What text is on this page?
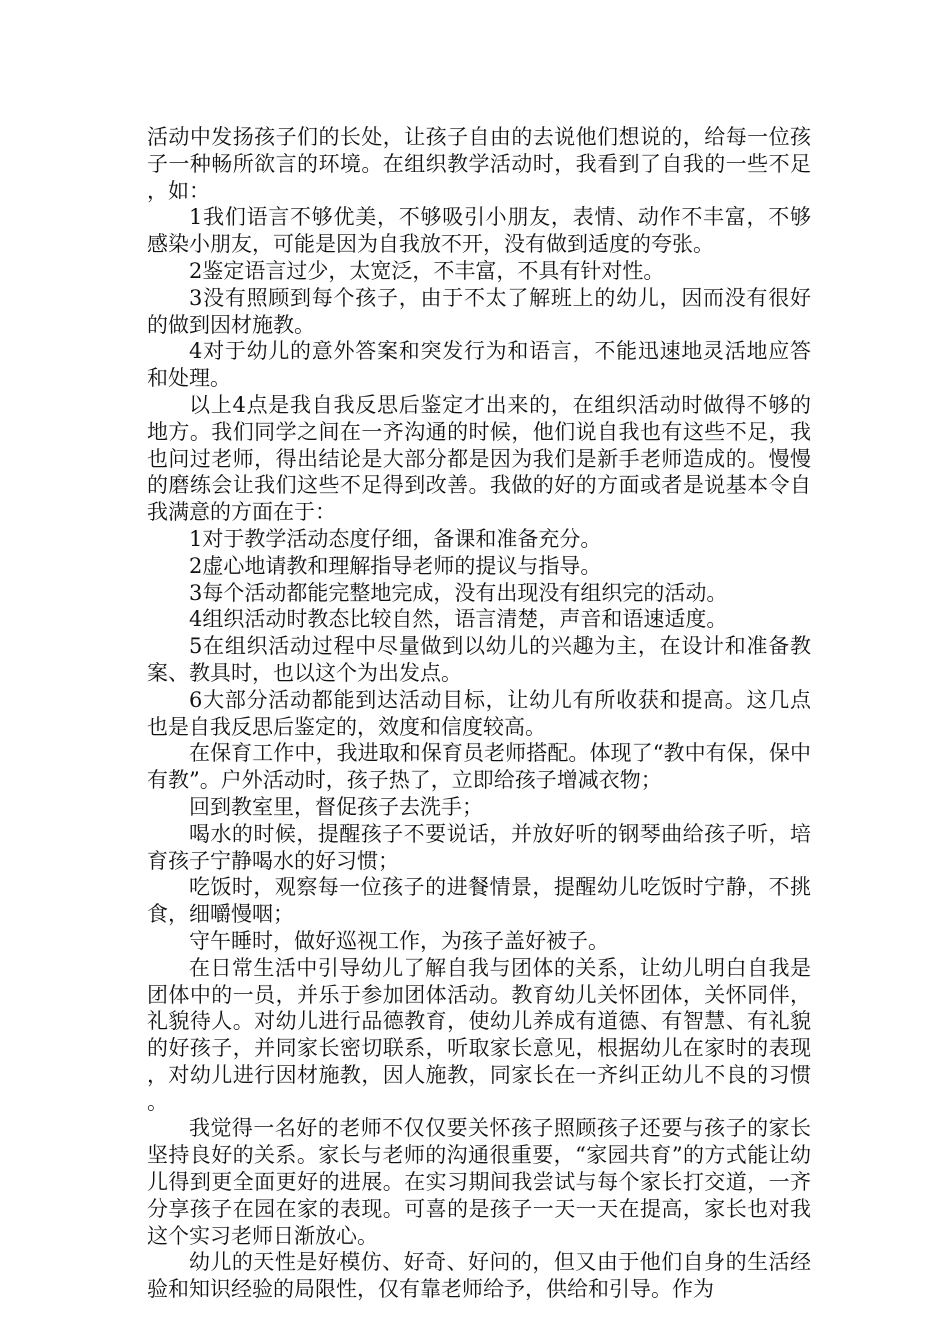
活动中发扬孩子们的长处，让孩子自由的去说他们想说的，给每一位孩子一种畅所欲言的环境。在组织教学活动时，我看到了自我的一些不足，如：

1我们语言不够优美，不够吸引小朋友，表情、动作不丰富，不够感染小朋友，可能是因为自我放不开，没有做到适度的夸张。

2鉴定语言过少，太宽泛，不丰富，不具有针对性。

3没有照顾到每个孩子，由于不太了解班上的幼儿，因而没有很好的做到因材施教。

4对于幼儿的意外答案和突发行为和语言，不能迅速地灵活地应答和处理。

以上4点是我自我反思后鉴定才出来的，在组织活动时做得不够的地方。我们同学之间在一齐沟通的时候，他们说自我也有这些不足，我也问过老师，得出结论是大部分都是因为我们是新手老师造成的。慢慢的磨练会让我们这些不足得到改善。我做的好的方面或者是说基本令自我满意的方面在于：

1对于教学活动态度仔细，备课和准备充分。

2虚心地请教和理解指导老师的提议与指导。

3每个活动都能完整地完成，没有出现没有组织完的活动。

4组织活动时教态比较自然，语言清楚，声音和语速适度。

5在组织活动过程中尽量做到以幼儿的兴趣为主，在设计和准备教案、教具时，也以这个为出发点。

6大部分活动都能到达活动目标，让幼儿有所收获和提高。这几点也是自我反思后鉴定的，效度和信度较高。

在保育工作中，我进取和保育员老师搭配。体现了“教中有保，保中有教”。户外活动时，孩子热了，立即给孩子增减衣物；

回到教室里，督促孩子去洗手；

喝水的时候，提醒孩子不要说话，并放好听的钢琴曲给孩子听，培育孩子宁静喝水的好习惯；

吃饭时，观察每一位孩子的进餐情景，提醒幼儿吃饭时宁静，不挑食，细嚼慢咽；

守午睡时，做好巡视工作，为孩子盖好被子。

在日常生活中引导幼儿了解自我与团体的关系，让幼儿明白自我是团体中的一员，并乐于参加团体活动。教育幼儿关怀团体，关怀同伴，礼貌待人。对幼儿进行品德教育，使幼儿养成有道德、有智慧、有礼貌的好孩子，并同家长密切联系，听取家长意见，根据幼儿在家时的表现，对幼儿进行因材施教，因人施教，同家长在一齐纠正幼儿不良的习惯。

我觉得一名好的老师不仅仅要关怀孩子照顾孩子还要与孩子的家长坚持良好的关系。家长与老师的沟通很重要，“家园共育”的方式能让幼儿得到更全面更好的进展。在实习期间我尝试与每个家长打交道，一齐分享孩子在园在家的表现。可喜的是孩子一天一天在提高，家长也对我这个实习老师日渐放心。

幼儿的天性是好模仿、好奇、好问的，但又由于他们自身的生活经验和知识经验的局限性，仅有靠老师给予，供给和引导。作为
